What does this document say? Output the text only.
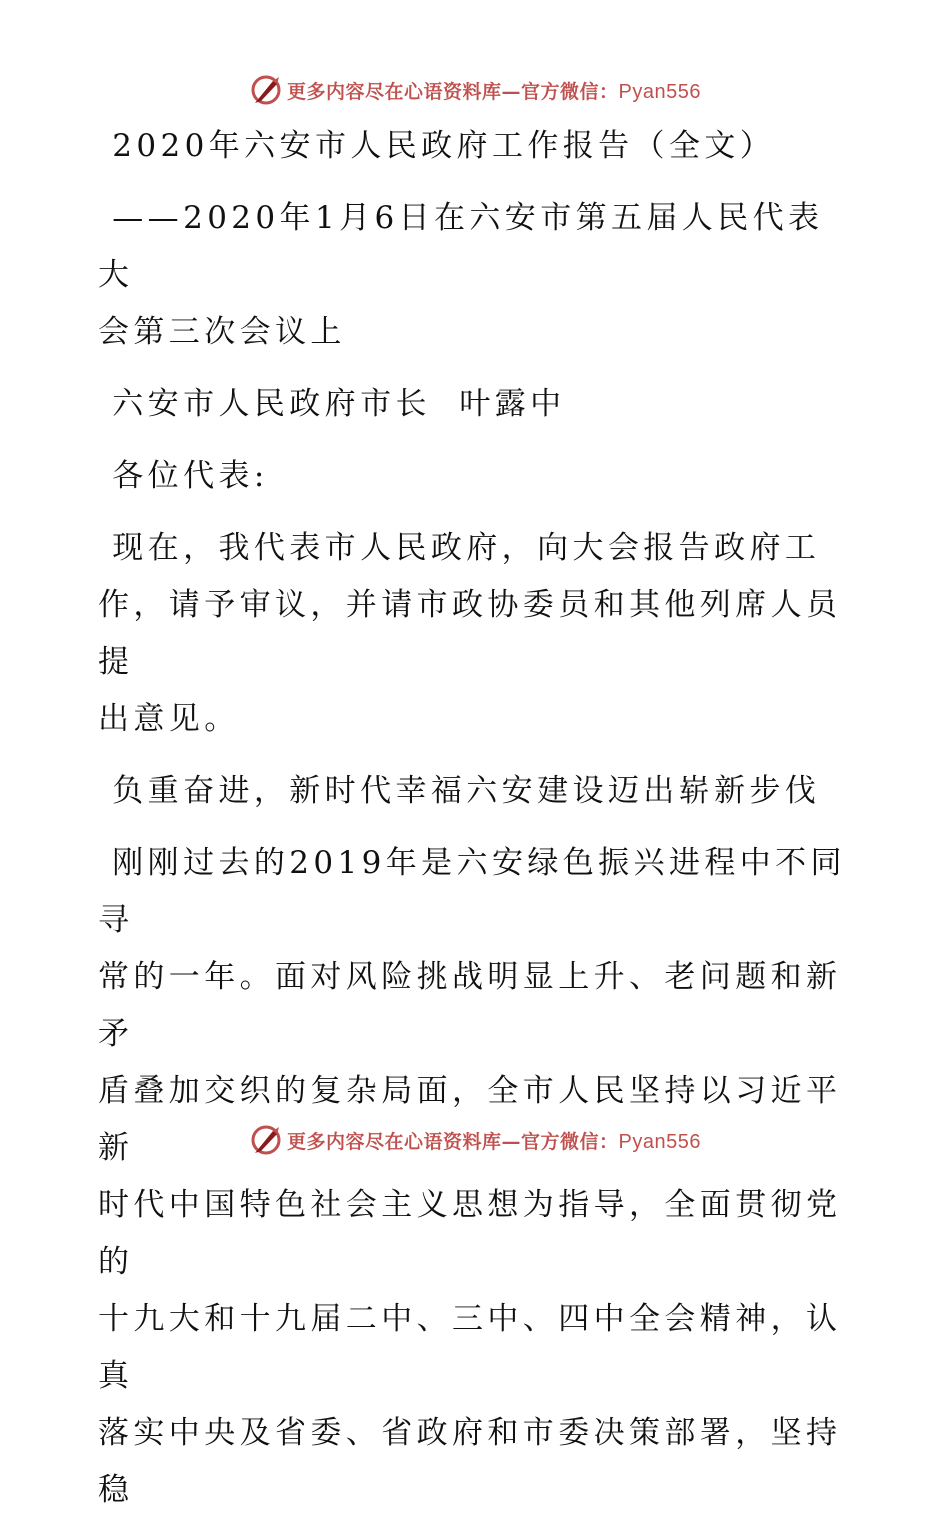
更多内容尽在心语资料库—官方微信：Pyan556

2020年六安市人民政府工作报告（全文）

——2020年1月6日在六安市第五届人民代表大

会第三次会议上

六安市人民政府市长  叶露中

各位代表:

现在，我代表市人民政府，向大会报告政府工

作，请予审议，并请市政协委员和其他列席人员提

出意见。

负重奋进，新时代幸福六安建设迈出崭新步伐

刚刚过去的2019年是六安绿色振兴进程中不同寻

常的一年。面对风险挑战明显上升、老问题和新矛

盾叠加交织的复杂局面，全市人民坚持以习近平新

时代中国特色社会主义思想为指导，全面贯彻党的

十九大和十九届二中、三中、四中全会精神，认真

落实中央及省委、省政府和市委决策部署，坚持稳

更多内容尽在心语资料库—官方微信：Pyan556
